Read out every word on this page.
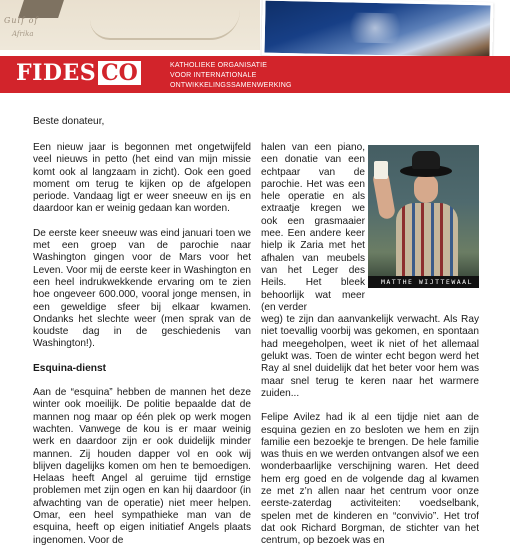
Gulf of
Afrika
FIDES CO	KATHOLIEKE ORGANISATIE
VOOR INTERNATIONALE
ONTWIKKELINGSSAMENWERKING
Beste donateur,

Een nieuw jaar is begonnen met ongetwijfeld veel nieuws in petto (het eind van mijn missie komt ook al langzaam in zicht). Ook een goed moment om terug te kijken op de afgelopen periode. Vandaag ligt er weer sneeuw en ijs en daardoor kan er weinig gedaan kan worden.

De eerste keer sneeuw was eind januari toen we met een groep van de parochie naar Washington gingen voor de Mars voor het Leven. Voor mij de eerste keer in Washington en een heel indrukwekkende ervaring om te zien hoe ongeveer 600.000, vooral jonge mensen, in een geweldige sfeer bij elkaar kwamen. Ondanks het slechte weer (men sprak van de koudste dag in de geschiedenis van Washington!).

Esquina-dienst

Aan de “esquina” hebben de mannen het deze winter ook moeilijk. De politie bepaalde dat de mannen nog maar op één plek op werk mogen wachten. Vanwege de kou is er maar weinig werk en daardoor zijn er ook duidelijk minder mannen. Zij houden dapper vol en ook wij blijven dagelijks komen om hen te bemoedigen. Helaas heeft Angel al geruime tijd ernstige problemen met zijn ogen en kan hij daardoor (in afwachting van de operatie) niet meer helpen. Omar, een heel sympathieke man van de esquina, heeft op eigen initiatief Angels plaats ingenomen. Voor de

halen van een piano, een donatie van een echtpaar van de parochie. Het was een hele operatie en als extraatje kregen we ook een grasmaaier mee. Een andere keer hielp ik Zaria met het afhalen van meubels van het Leger des Heils. Het bleek behoorlijk wat meer (en verder

weg) te zijn dan aanvankelijk verwacht. Als Ray niet toevallig voorbij was gekomen, en spontaan had meegeholpen, weet ik niet of het allemaal gelukt was. Toen de winter echt begon werd het Ray al snel duidelijk dat het beter voor hem was maar snel terug te keren naar het warmere zuiden...

Felipe Avilez had ik al een tijdje niet aan de esquina gezien en zo besloten we hem en zijn familie een bezoekje te brengen. De hele familie was thuis en we werden ontvangen alsof we een wonderbaarlijke verschijning waren. Het deed hem erg goed en de volgende dag al kwamen ze met z’n allen naar het centrum voor onze eerste-zaterdag activiteiten: voedselbank, spelen met de kinderen en “convivio”. Het trof dat ook Richard Borgman, de stichter van het centrum, op bezoek was en

MATTHE WIJTTEWAAL
